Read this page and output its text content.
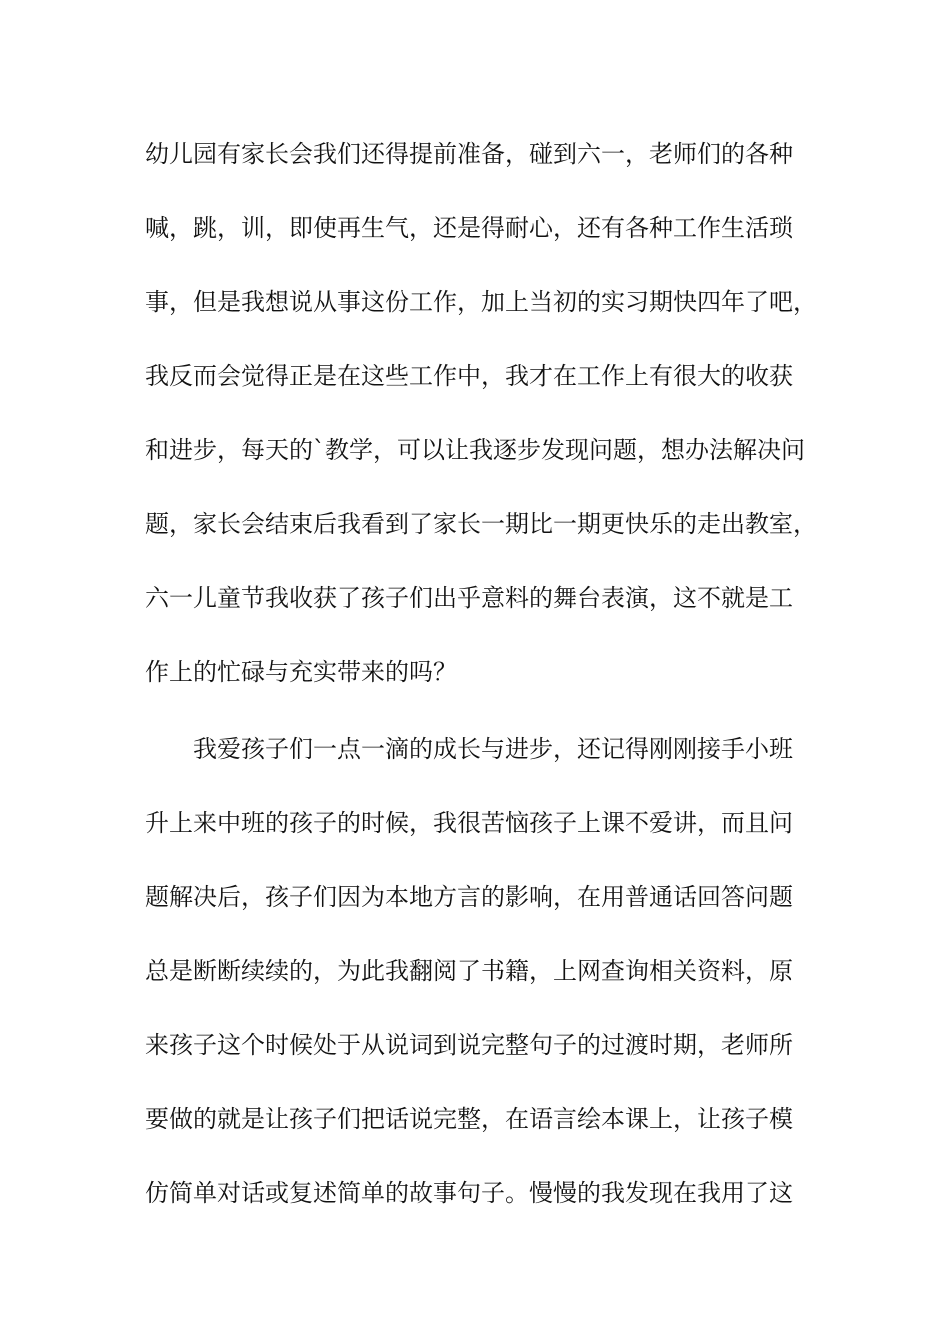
幼儿园有家长会我们还得提前准备，碰到六一，老师们的各种
喊，跳，训，即使再生气，还是得耐心，还有各种工作生活琐
事，但是我想说从事这份工作，加上当初的实习期快四年了吧，
我反而会觉得正是在这些工作中，我才在工作上有很大的收获
和进步，每天的`教学，可以让我逐步发现问题，想办法解决问
题，家长会结束后我看到了家长一期比一期更快乐的走出教室，
六一儿童节我收获了孩子们出乎意料的舞台表演，这不就是工
作上的忙碌与充实带来的吗？
我爱孩子们一点一滴的成长与进步，还记得刚刚接手小班
升上来中班的孩子的时候，我很苦恼孩子上课不爱讲，而且问
题解决后，孩子们因为本地方言的影响，在用普通话回答问题
总是断断续续的，为此我翻阅了书籍，上网查询相关资料，原
来孩子这个时候处于从说词到说完整句子的过渡时期，老师所
要做的就是让孩子们把话说完整，在语言绘本课上，让孩子模
仿简单对话或复述简单的故事句子。慢慢的我发现在我用了这
